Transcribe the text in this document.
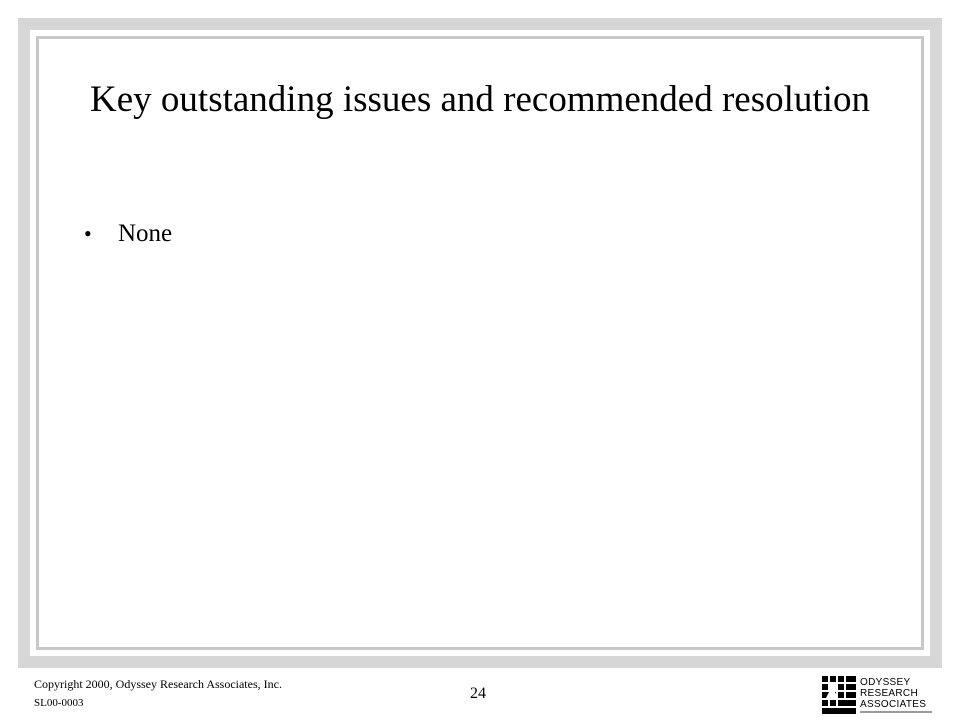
Key outstanding issues and recommended resolution
•	None
Copyright 2000, Odyssey Research Associates, Inc.
SL00-0003
24
ODYSSEY
RESEARCH
ASSOCIATES
